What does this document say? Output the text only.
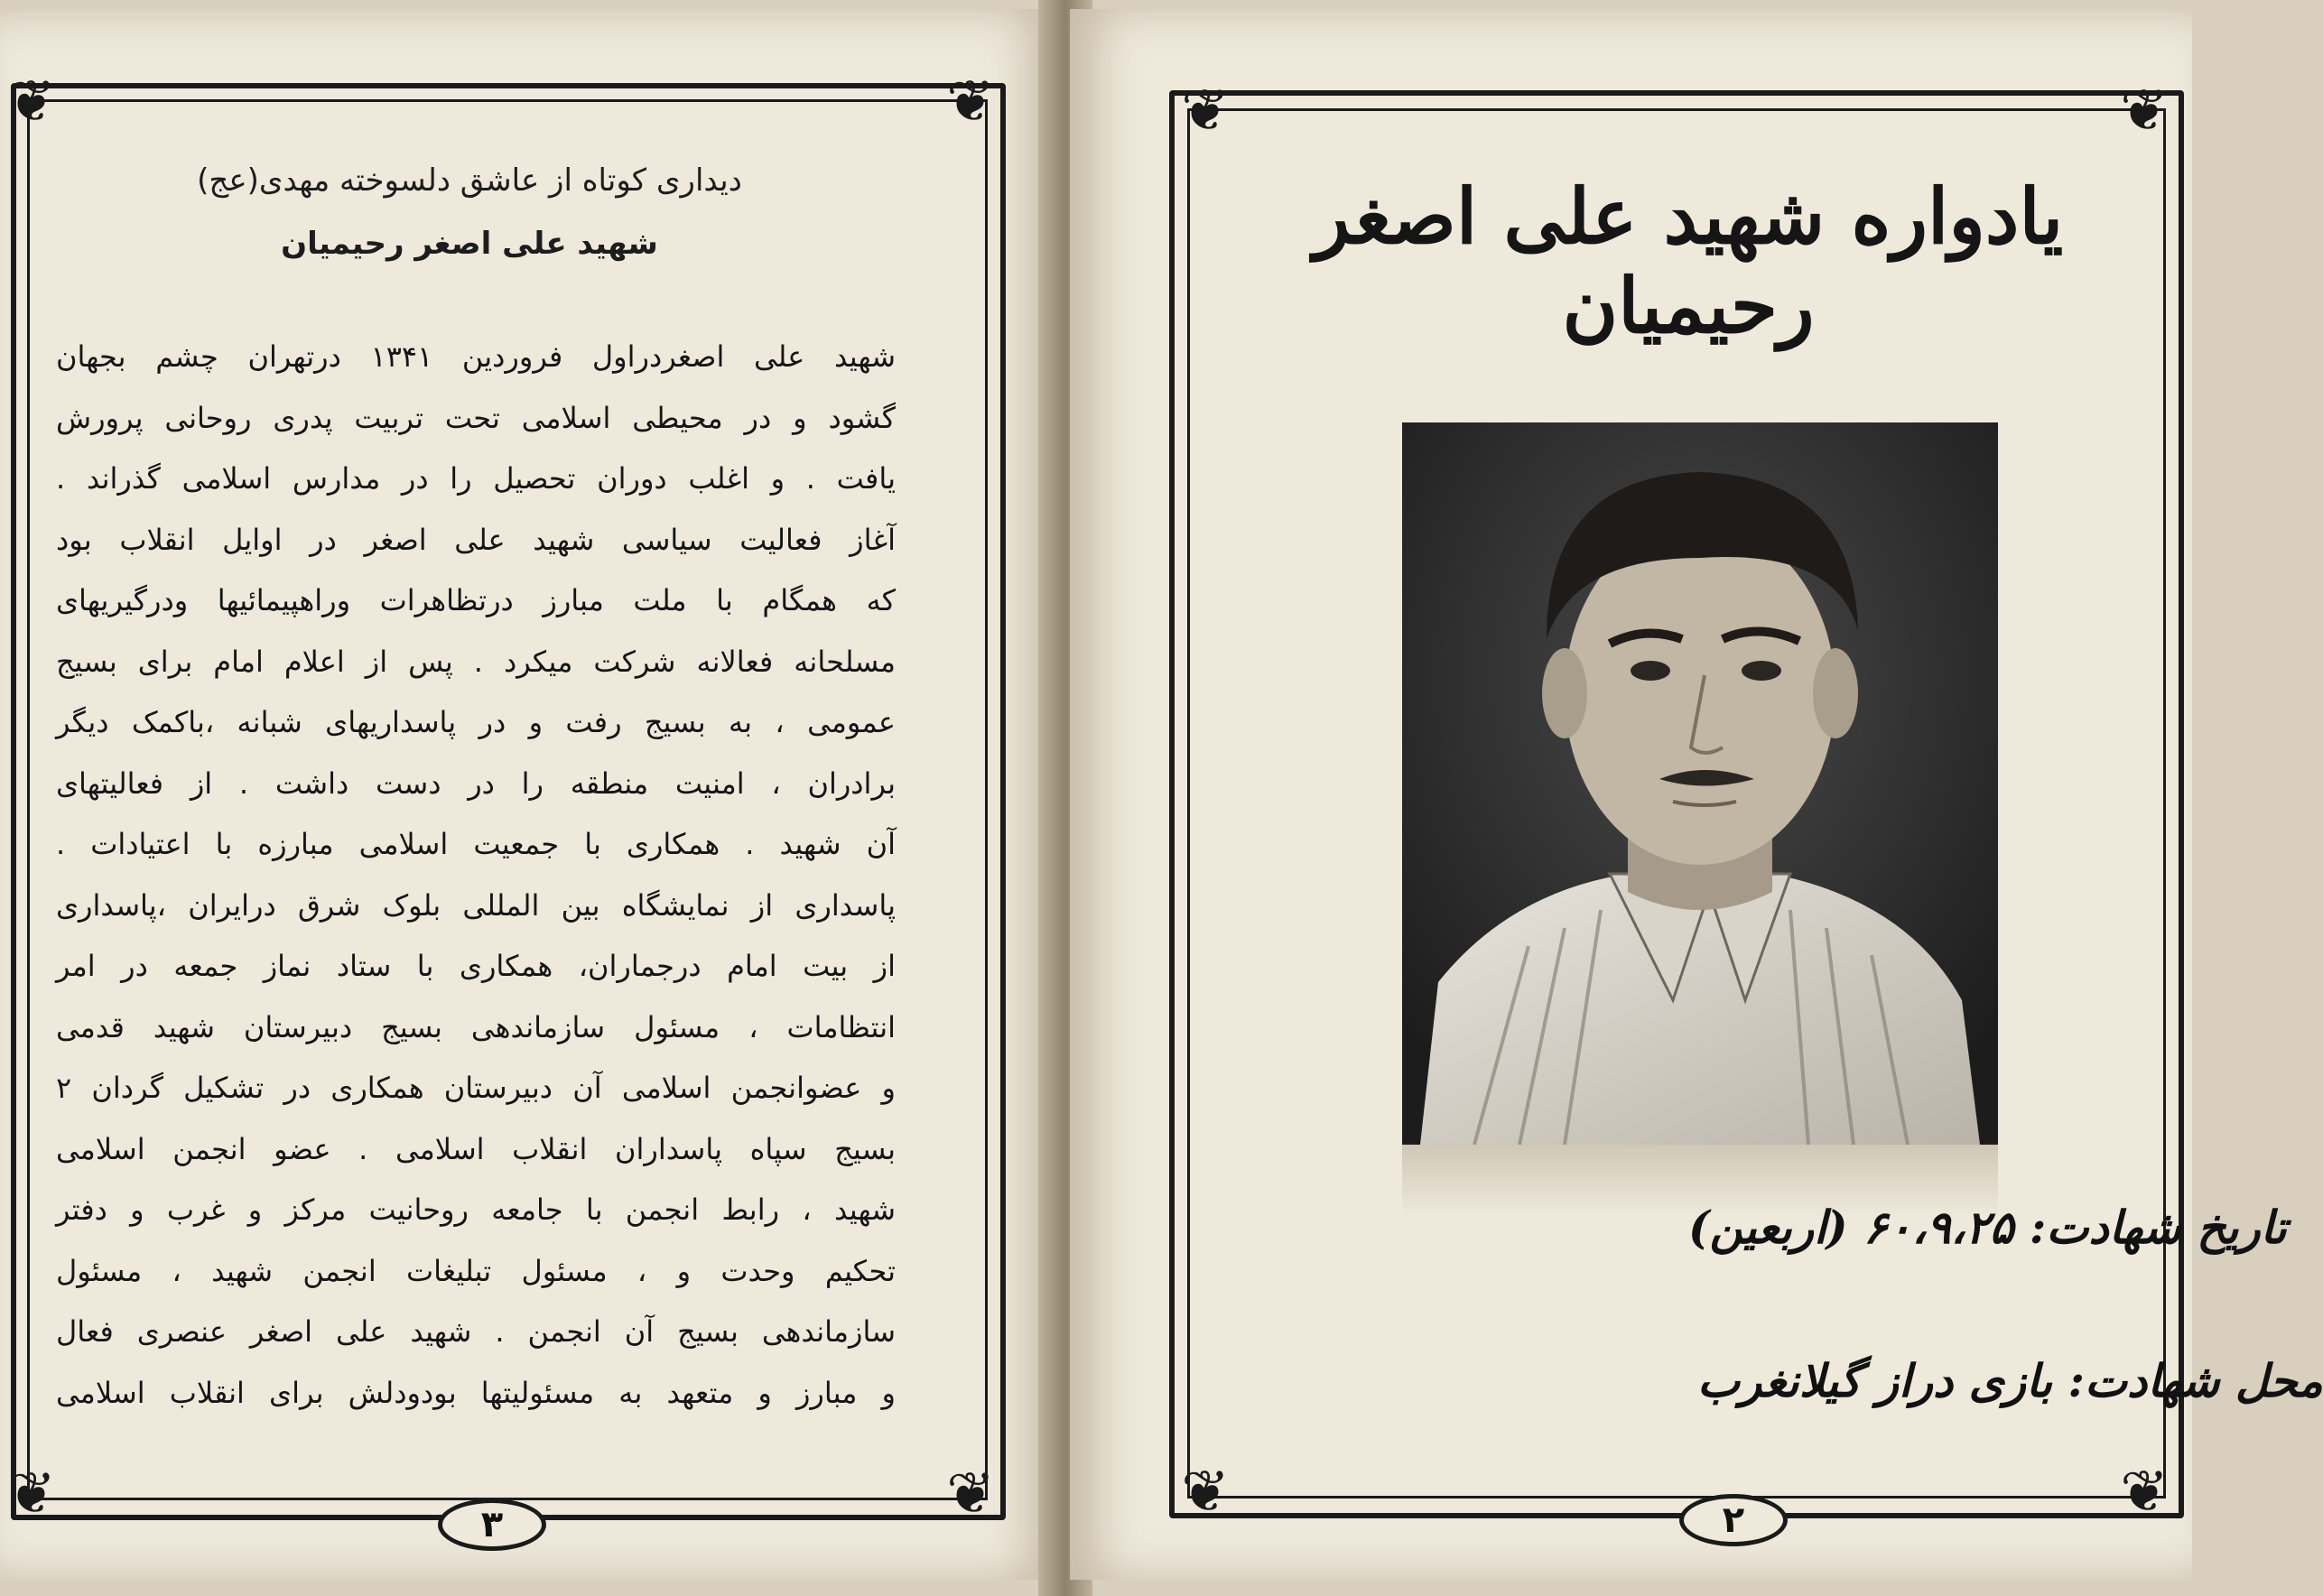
❦	❦
❦	❦
دیداری کوتاه از عاشق دلسوخته مهدی(عج)
شهید علی اصغر رحیمیان
شهید علی اصغردراول فروردین ۱۳۴۱ درتهران چشم بجهان
گشود و در محیطی اسلامی تحت تربیت پدری روحانی پرورش
یافت . و اغلب دوران تحصیل را در مدارس اسلامی گذراند .
آغاز فعالیت سیاسی شهید علی اصغر در اوایل انقلاب بود
که همگام با ملت مبارز درتظاهرات وراهپیمائیها ودرگیریهای
مسلحانه فعالانه شرکت میکرد . پس از اعلام امام برای بسیج
عمومی ، به بسیج رفت و در پاسداریهای شبانه ،باکمک دیگر
برادران ، امنیت منطقه را در دست داشت . از فعالیتهای
آن شهید . همکاری با جمعیت اسلامی مبارزه با اعتیادات .
پاسداری از نمایشگاه بین المللی بلوک شرق درایران ،پاسداری
از بیت امام درجماران، همکاری با ستاد نماز جمعه در امر
انتظامات ، مسئول سازماندهی بسیج دبیرستان شهید قدمی
و عضوانجمن اسلامی آن دبیرستان همکاری در تشکیل گردان ۲
بسیج سپاه پاسداران انقلاب اسلامی . عضو انجمن اسلامی
شهید ، رابط انجمن با جامعه روحانیت مرکز و غرب و دفتر
تحکیم وحدت و ، مسئول تبلیغات انجمن شهید ، مسئول
سازماندهی بسیج آن انجمن . شهید علی اصغر عنصری فعال
و مبارز و متعهد به مسئولیتها بودودلش برای انقلاب اسلامی
۳
❦	❦
❦	❦
یادواره شهید علی اصغر رحیمیان
تاریخ شهادت: ۶۰،۹،۲۵ (اربعین)
محل شهادت: بازی دراز گیلانغرب
۲
